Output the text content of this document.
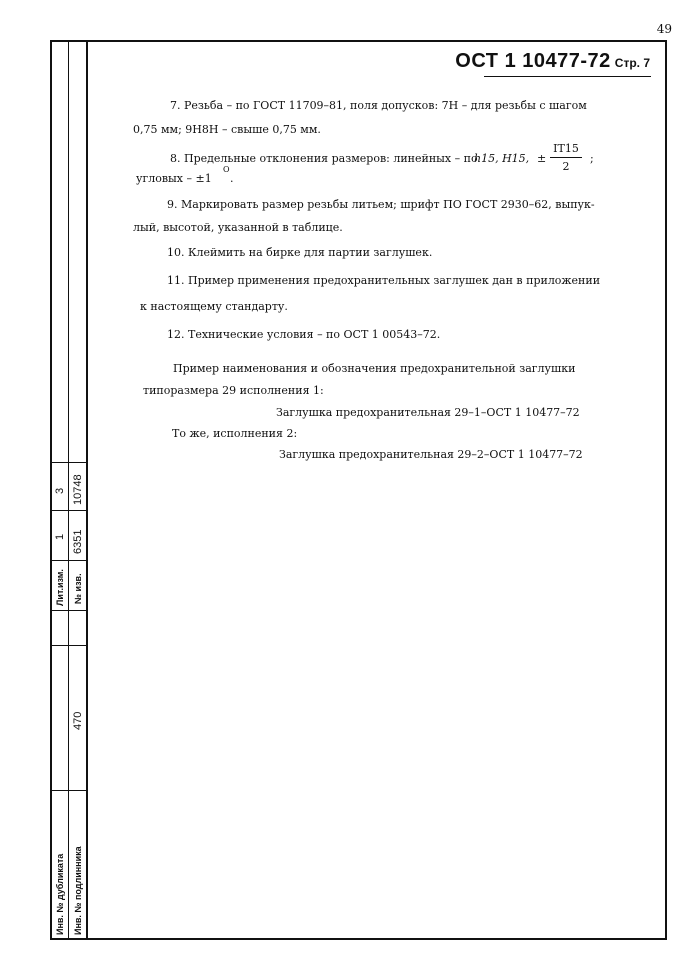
49
3 10748
1 6351
Лит.изм. № изв.
470
Инв. № дубликата Инв. № подлинника
ОСТ 1 10477-72 Стр. 7
7. Резьба – по ГОСТ 11709–81, поля допусков: 7Н – для резьбы с шагом
0,75 мм; 9Н8Н – свыше 0,75 мм.
8. Предельные отклонения размеров: линейных – по
h15, H15, ±
IT15
2
;
угловых – ±1
O
.
9. Маркировать размер резьбы литьем; шрифт ПО ГОСТ 2930–62, выпук-
лый, высотой, указанной в таблице.
10. Клеймить на бирке для партии заглушек.
11. Пример применения предохранительных заглушек дан в приложении
к настоящему стандарту.
12. Технические условия – по ОСТ 1 00543–72.
Пример наименования и обозначения предохранительной заглушки
типоразмера 29 исполнения 1:
Заглушка предохранительная 29–1–ОСТ 1 10477–72
То же, исполнения 2:
Заглушка предохранительная 29–2–ОСТ 1 10477–72
